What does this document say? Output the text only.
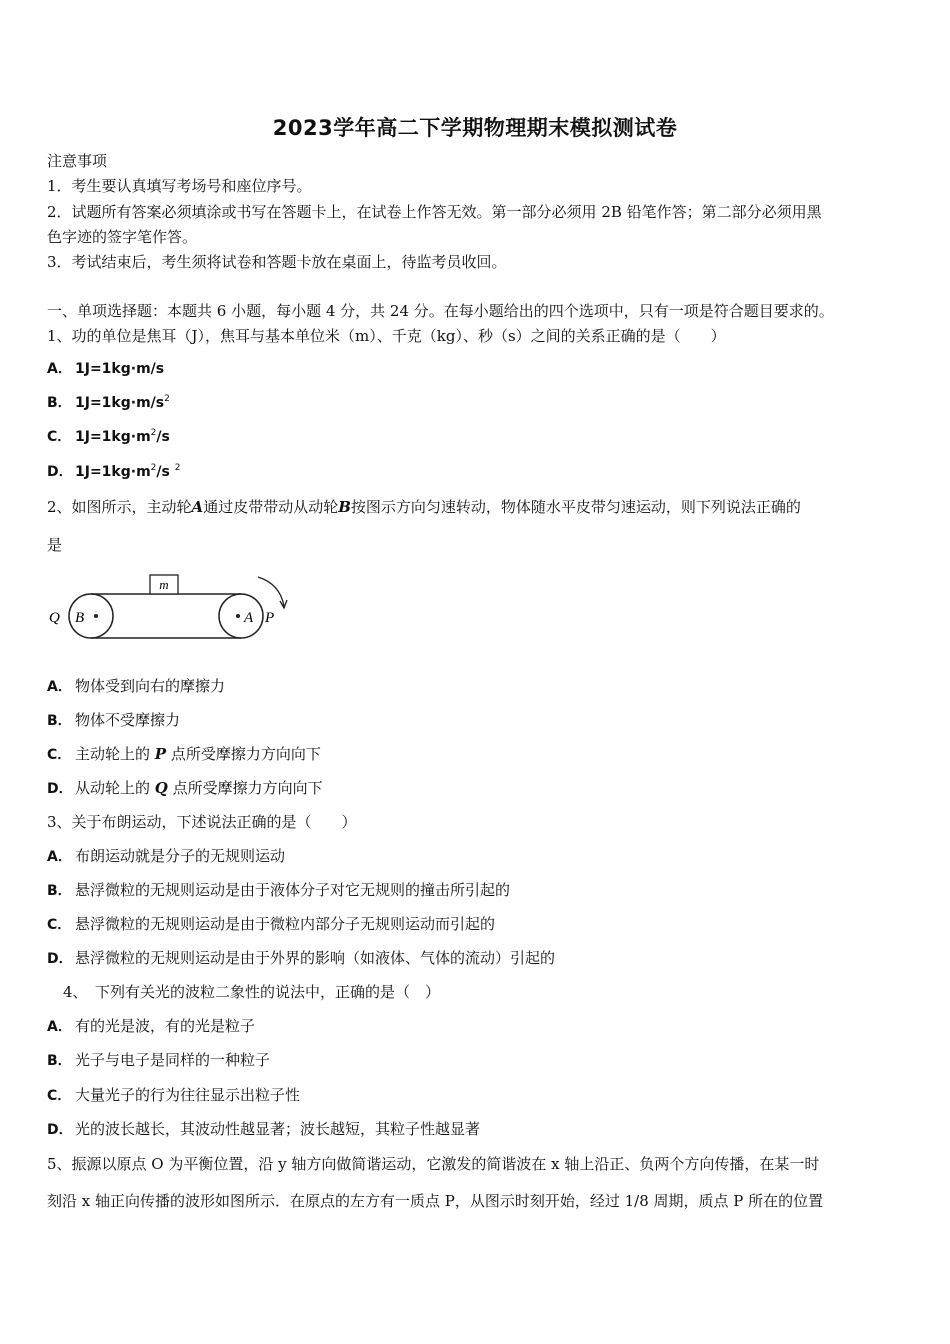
2023学年高二下学期物理期末模拟测试卷
注意事项
1．考生要认真填写考场号和座位序号。
2．试题所有答案必须填涂或书写在答题卡上，在试卷上作答无效。第一部分必须用 2B 铅笔作答；第二部分必须用黑
色字迹的签字笔作答。
3．考试结束后，考生须将试卷和答题卡放在桌面上，待监考员收回。
一、单项选择题：本题共 6 小题，每小题 4 分，共 24 分。在每小题给出的四个选项中，只有一项是符合题目要求的。
1、功的单位是焦耳（J），焦耳与基本单位米（m）、千克（kg）、秒（s）之间的关系正确的是（　　）
A． 1J=1kg·m/s
B． $1J=1kg\cdot m/s^2$
C． $1J=1kg\cdot m^2/s$
D． $1J=1kg\cdot m^2/s$ $^2$
2、如图所示，主动轮A通过皮带带动从动轮B按图示方向匀速转动，物体随水平皮带匀速运动，则下列说法正确的
是
m
Q B	A P
A． 物体受到向右的摩擦力
B． 物体不受摩擦力
C． 主动轮上的 P 点所受摩擦力方向向下
D． 从动轮上的 Q 点所受摩擦力方向向下
3、关于布朗运动，下述说法正确的是（　　）
A． 布朗运动就是分子的无规则运动
B． 悬浮微粒的无规则运动是由于液体分子对它无规则的撞击所引起的
C． 悬浮微粒的无规则运动是由于微粒内部分子无规则运动而引起的
D． 悬浮微粒的无规则运动是由于外界的影响（如液体、气体的流动）引起的
4、　下列有关光的波粒二象性的说法中，正确的是（　）
A． 有的光是波，有的光是粒子
B． 光子与电子是同样的一种粒子
C． 大量光子的行为往往显示出粒子性
D． 光的波长越长，其波动性越显著；波长越短，其粒子性越显著
5、振源以原点 O 为平衡位置，沿 y 轴方向做简谐运动，它激发的简谐波在 x 轴上沿正、负两个方向传播，在某一时
刻沿 x 轴正向传播的波形如图所示．在原点的左方有一质点 P，从图示时刻开始，经过 1/8 周期，质点 P 所在的位置
